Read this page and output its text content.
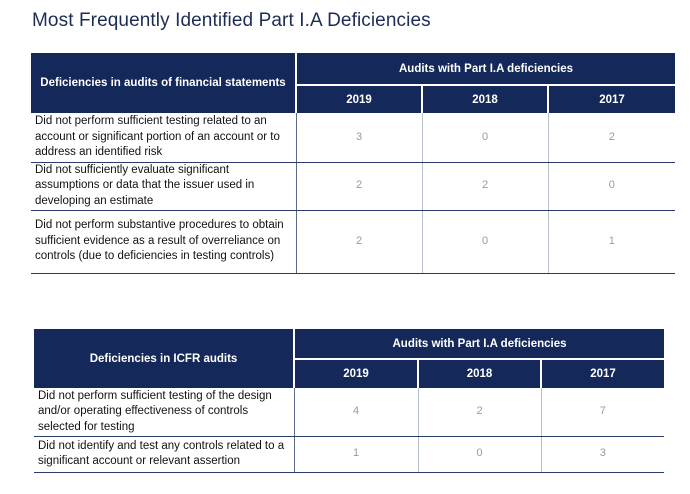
Most Frequently Identified Part I.A Deficiencies
Deficiencies in audits of financial statements	Audits with Part I.A deficiencies		
	2019	2018	2017
Did not perform sufficient testing related to an account or significant portion of an account or to address an identified risk	3	0	2
Did not sufficiently evaluate significant assumptions or data that the issuer used in developing an estimate	2	2	0
Did not perform substantive procedures to obtain sufficient evidence as a result of overreliance on controls (due to deficiencies in testing controls)	2	0	1
Deficiencies in ICFR audits	Audits with Part I.A deficiencies		
	2019	2018	2017
Did not perform sufficient testing of the design and/or operating effectiveness of controls selected for testing	4	2	7
Did not identify and test any controls related to a significant account or relevant assertion	1	0	3
